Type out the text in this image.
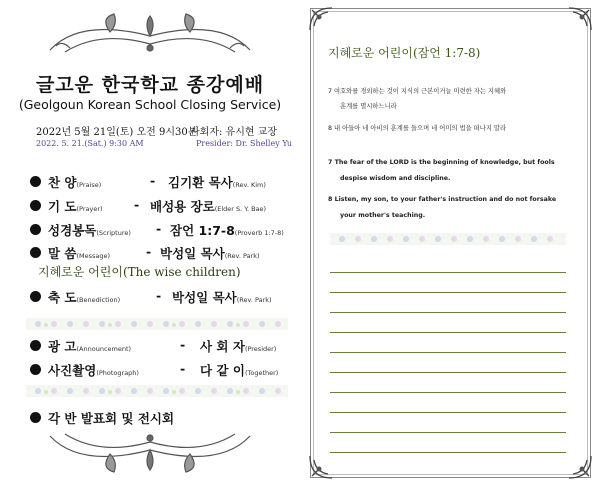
글고운 한국학교 종강예배
(Geolgoun Korean School Closing Service)
2022년 5월 21일(토) 오전 9시30분
사회자: 유시현 교장
2022. 5. 21.(Sat.) 9:30 AM	Presider: Dr. Shelley Yu
찬 양(Praise)	- 김기환 목사(Rev. Kim)
기 도(Prayer)	- 배성용 장로(Elder S. Y. Bae)
성경봉독(Scripture) - 잠언 1:7-8(Proverb 1:7-8)
말 씀(Message)	- 박성일 목사(Rev. Park)
지혜로운 어린이(The wise children)
축 도(Benediction)	- 박성일 목사(Rev. Park)
광 고(Announcement)	- 사 회 자(Presider)
사진촬영(Photograph)	- 다 같 이(Together)
각 반 발표회 및 전시회
지혜로운 어린이(잠언 1:7-8)
7 여호와를 경외하는 것이 지식의 근본이거늘 미련한 자는 지혜와
훈계를 멸시하느니라
8 내 아들아 네 아비의 훈계를 들으며 네 어미의 법을 떠나지 말라
7 The fear of the LORD is the beginning of knowledge, but fools
despise wisdom and discipline.
8 Listen, my son, to your father's instruction and do not forsake
your mother's teaching.
